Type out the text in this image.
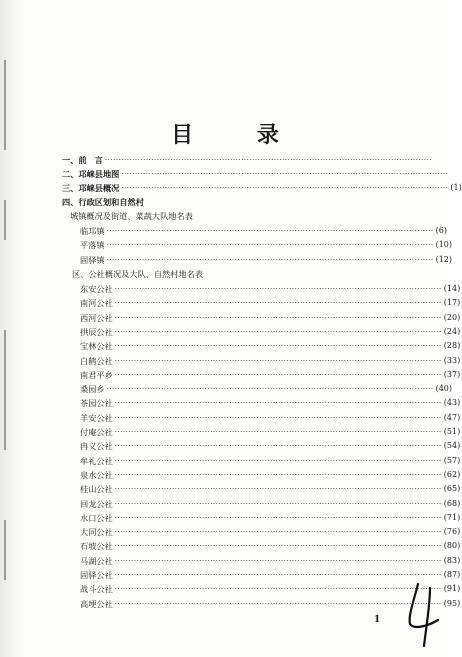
目 录
一、前　言 ························································································································
二、邛崃县地图 ························································································································
三、邛崃县概况 ························································································································ ( 1 )
四、行政区划和自然村
城镇概况及街道、菜蔬大队地名表
临邛镇 ························································································································ ( 6 )
平落镇 ························································································································ ( 10 )
固驿镇 ························································································································ ( 12 )
区、公社概况及大队、自然村地名表
东安公社 ························································································································ ( 14 )
南河公社 ························································································································ ( 17 )
西河公社 ························································································································ ( 20 )
拱辰公社 ························································································································ ( 24 )
宝林公社 ························································································································ ( 28 )
白鹤公社 ························································································································ ( 33 )
南君平乡 ························································································································ ( 37 )
桑园乡 ························································································································ ( 40 )
茶园公社 ························································································································ ( 43 )
羊安公社 ························································································································ ( 47 )
付庵公社 ························································································································ ( 51 )
冉义公社 ························································································································ ( 54 )
牟礼公社 ························································································································ ( 57 )
泉水公社 ························································································································ ( 62 )
桂山公社 ························································································································ ( 65 )
回龙公社 ························································································································ ( 68 )
水口公社 ························································································································ ( 71 )
大同公社 ························································································································ ( 76 )
石坡公社 ························································································································ ( 80 )
马湖公社 ························································································································ ( 83 )
固驿公社 ························································································································ ( 87 )
战斗公社 ························································································································ ( 91 )
高埂公社 ························································································································ ( 95 )
1
